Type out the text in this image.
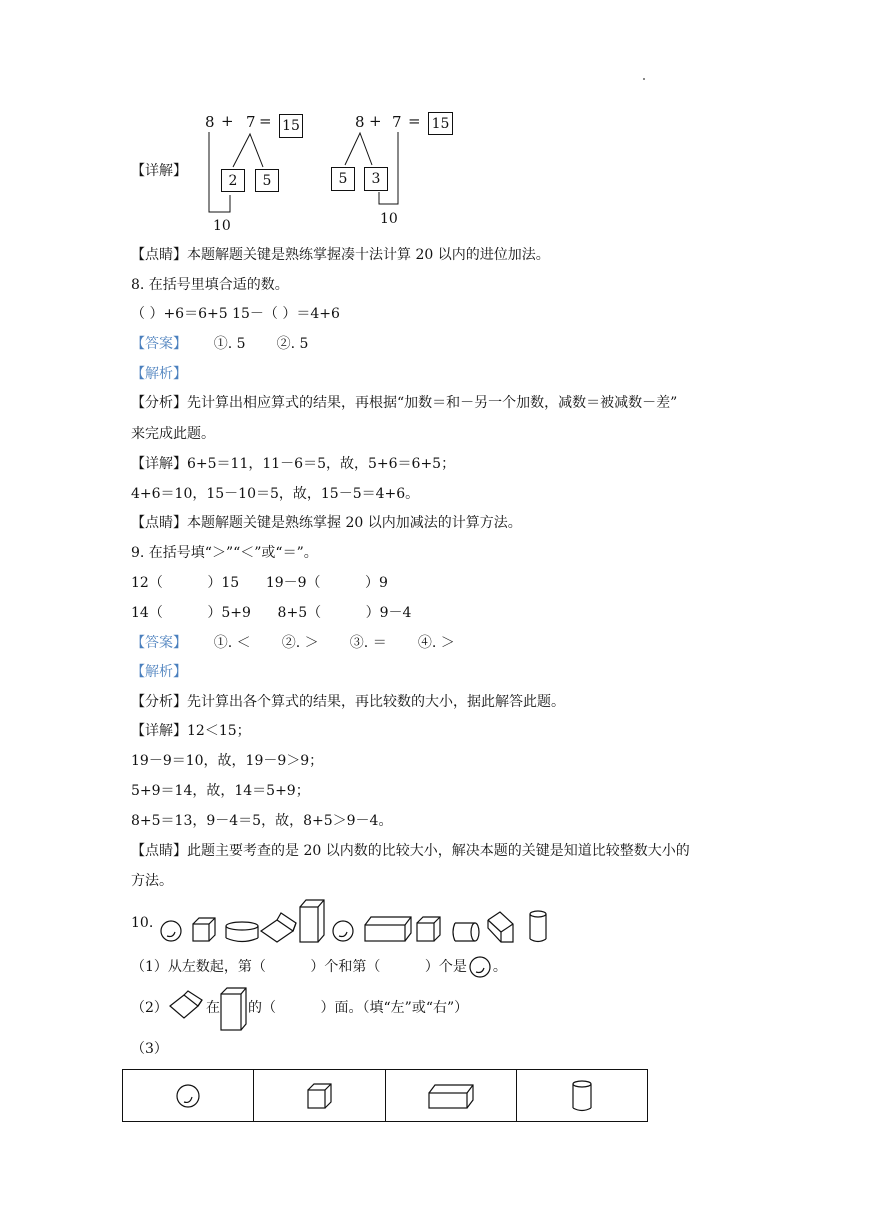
【详解】
8 + 7 = 15
2	5
10
8 + 7 = 15
5	3
10
【点睛】本题解题关键是熟练掌握凑十法计算 20 以内的进位加法。
8. 在括号里填合适的数。
（ ）+6＝6+5 15－（ ）＝4+6
【答案】      ①. 5       ②. 5
【解析】
【分析】先计算出相应算式的结果，再根据“加数＝和－另一个加数，减数＝被减数－差”
来完成此题。
【详解】6+5＝11，11－6＝5，故，5+6＝6+5；
4+6＝10，15－10＝5，故，15－5＝4+6。
【点睛】本题解题关键是熟练掌握 20 以内加减法的计算方法。
9. 在括号填“＞”“＜”或“＝”。
12（          ）15      19－9（          ）9
14（          ）5+9      8+5（          ）9－4
【答案】      ①. ＜       ②. ＞       ③. ＝       ④. ＞
【解析】
【分析】先计算出各个算式的结果，再比较数的大小，据此解答此题。
【详解】12＜15；
19－9＝10，故，19－9＞9；
5+9＝14，故，14＝5+9；
8+5＝13，9－4＝5，故，8+5＞9－4。
【点睛】此题主要考查的是 20 以内数的比较大小，解决本题的关键是知道比较整数大小的
方法。
10.
（1）从左数起，第（          ）个和第（          ）个是 。
（2）	在 的（          ）面。（填“左”或“右”）
（3）
